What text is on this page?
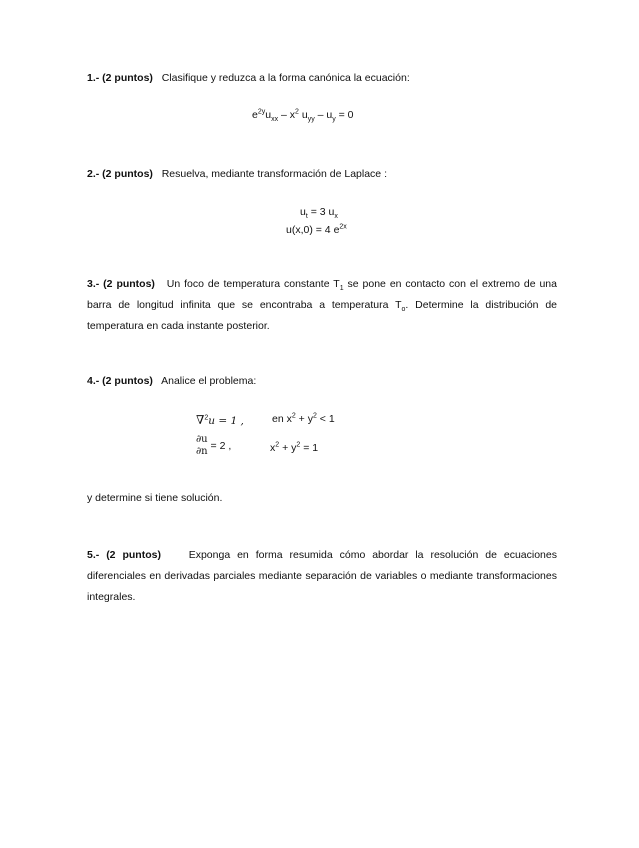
1.- (2 puntos) Clasifique y reduzca a la forma canónica la ecuación:
$e^{2y}u_{xx} - x^2$ $u_{yy} - u_y = 0$
2.- (2 puntos) Resuelva, mediante transformación de Laplace :
$u_t = 3$ $u_x$
u(x,0) = 4 $e^{2x}$
3.- (2 puntos) Un foco de temperatura constante $T_1$ se pone en contacto con el extremo de una barra de longitud infinita que se encontraba a temperatura $T_o$. Determine la distribución de temperatura en cada instante posterior.
4.- (2 puntos) Analice el problema:
∇$^2$u = 1 ,	en $x^2 + y^2 < 1$
∂u
∂n = 2 ,	$x^2 + y^2 = 1$
y determine si tiene solución.
5.- (2 puntos)	Exponga en forma resumida cómo abordar la resolución de ecuaciones diferenciales en derivadas parciales mediante separación de variables o mediante transformaciones integrales.
